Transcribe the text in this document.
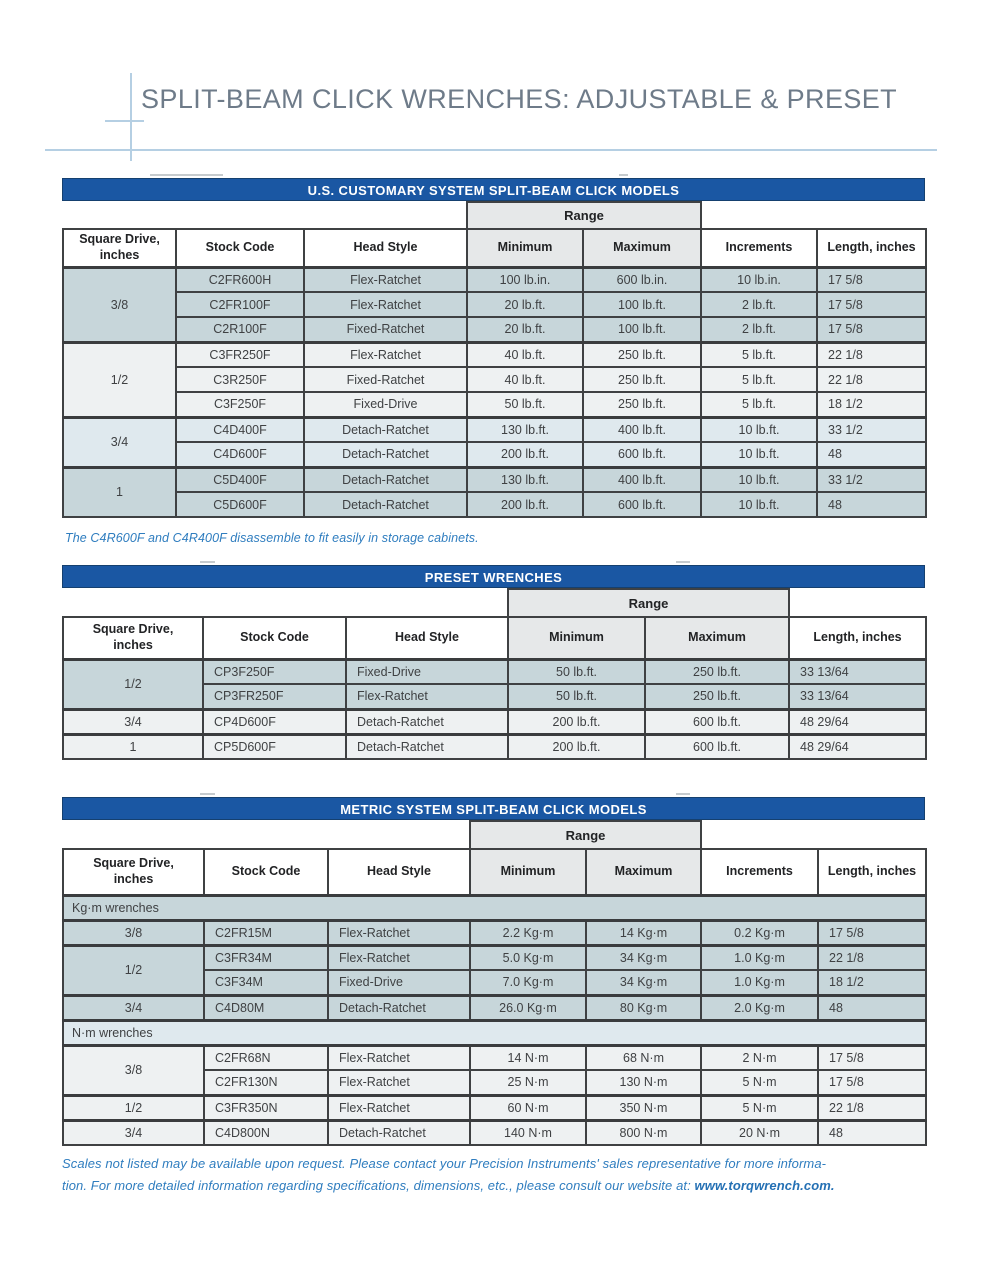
SPLIT-BEAM CLICK WRENCHES: ADJUSTABLE & PRESET
U.S. CUSTOMARY SYSTEM SPLIT-BEAM CLICK MODELS
			Range			
Square Drive,
inches	Stock Code	Head Style	Minimum	Maximum	Increments	Length, inches
3/8	C2FR600H	Flex-Ratchet	100 lb.in.	600 lb.in.	10 lb.in.	17 5/8
	C2FR100F	Flex-Ratchet	20 lb.ft.	100 lb.ft.	2 lb.ft.	17 5/8
	C2R100F	Fixed-Ratchet	20 lb.ft.	100 lb.ft.	2 lb.ft.	17 5/8
1/2	C3FR250F	Flex-Ratchet	40 lb.ft.	250 lb.ft.	5 lb.ft.	22 1/8
	C3R250F	Fixed-Ratchet	40 lb.ft.	250 lb.ft.	5 lb.ft.	22 1/8
	C3F250F	Fixed-Drive	50 lb.ft.	250 lb.ft.	5 lb.ft.	18 1/2
3/4	C4D400F	Detach-Ratchet	130 lb.ft.	400 lb.ft.	10 lb.ft.	33 1/2
	C4D600F	Detach-Ratchet	200 lb.ft.	600 lb.ft.	10 lb.ft.	48
1	C5D400F	Detach-Ratchet	130 lb.ft.	400 lb.ft.	10 lb.ft.	33 1/2
	C5D600F	Detach-Ratchet	200 lb.ft.	600 lb.ft.	10 lb.ft.	48
The C4R600F and C4R400F disassemble to fit easily in storage cabinets.
PRESET WRENCHES
			Range		
Square Drive,
inches	Stock Code	Head Style	Minimum	Maximum	Length, inches
1/2	CP3F250F	Fixed-Drive	50 lb.ft.	250 lb.ft.	33 13/64
	CP3FR250F	Flex-Ratchet	50 lb.ft.	250 lb.ft.	33 13/64
3/4	CP4D600F	Detach-Ratchet	200 lb.ft.	600 lb.ft.	48 29/64
1	CP5D600F	Detach-Ratchet	200 lb.ft.	600 lb.ft.	48 29/64
METRIC SYSTEM SPLIT-BEAM CLICK MODELS
			Range			
Square Drive,
inches	Stock Code	Head Style	Minimum	Maximum	Increments	Length, inches
Kg·m wrenches						
3/8	C2FR15M	Flex-Ratchet	2.2 Kg·m	14 Kg·m	0.2 Kg·m	17 5/8
1/2	C3FR34M	Flex-Ratchet	5.0 Kg·m	34 Kg·m	1.0 Kg·m	22 1/8
	C3F34M	Fixed-Drive	7.0 Kg·m	34 Kg·m	1.0 Kg·m	18 1/2
3/4	C4D80M	Detach-Ratchet	26.0 Kg·m	80 Kg·m	2.0 Kg·m	48
N·m wrenches						
3/8	C2FR68N	Flex-Ratchet	14 N·m	68 N·m	2 N·m	17 5/8
	C2FR130N	Flex-Ratchet	25 N·m	130 N·m	5 N·m	17 5/8
1/2	C3FR350N	Flex-Ratchet	60 N·m	350 N·m	5 N·m	22 1/8
3/4	C4D800N	Detach-Ratchet	140 N·m	800 N·m	20 N·m	48
Scales not listed may be available upon request. Please contact your Precision Instruments' sales representative for more informa-
tion. For more detailed information regarding specifications, dimensions, etc., please consult our website at: www.torqwrench.com.
